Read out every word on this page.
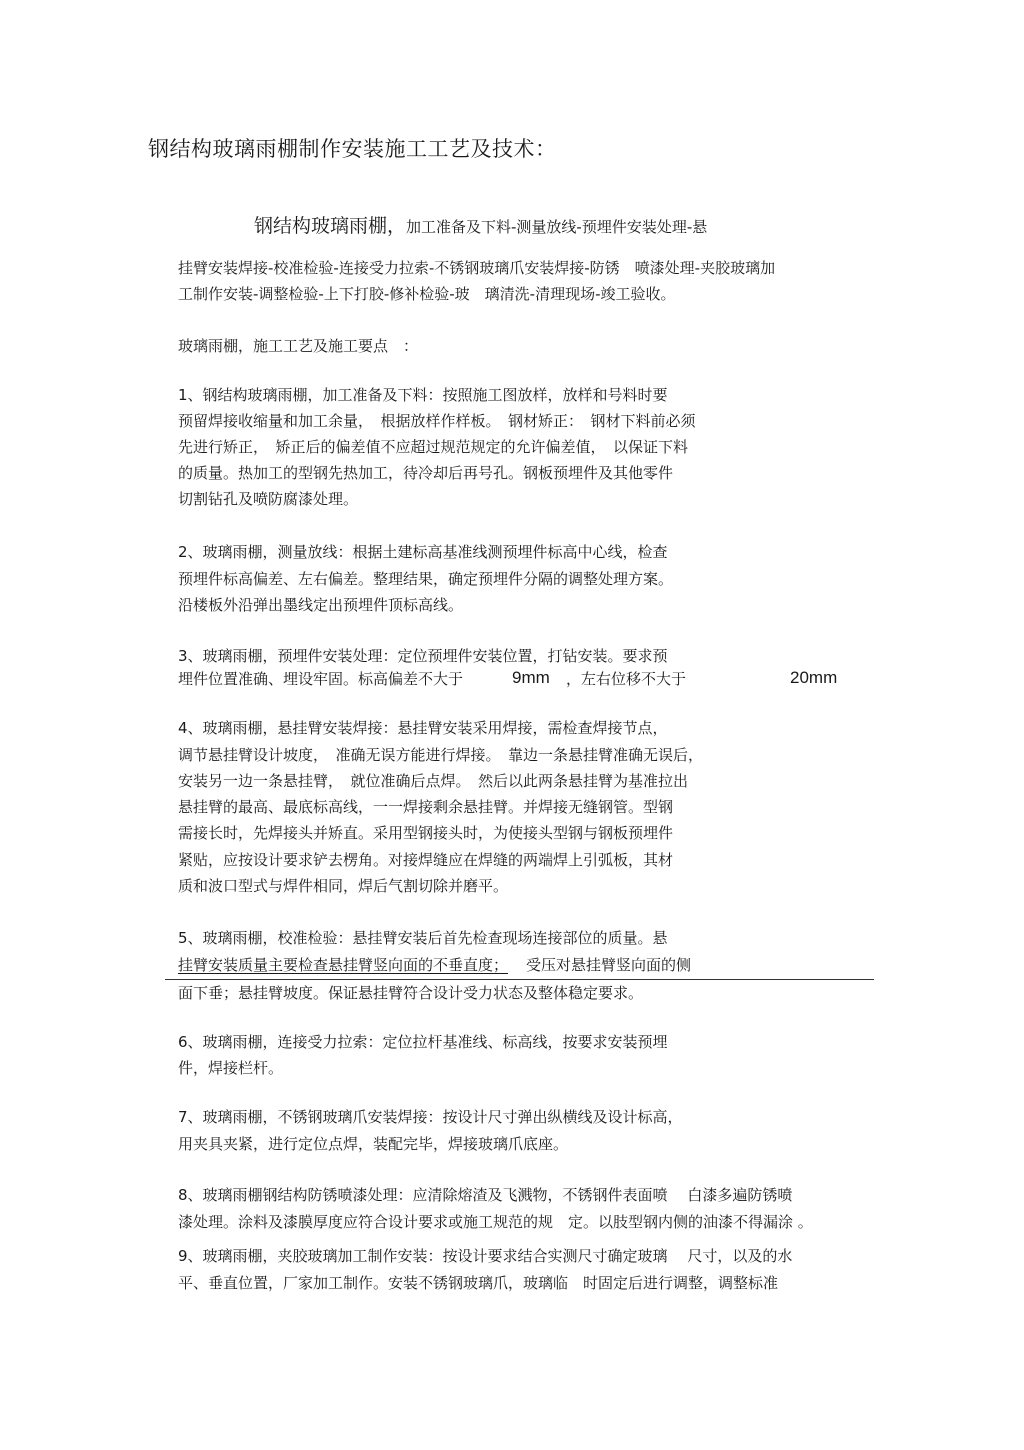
钢结构玻璃雨棚制作安装施工工艺及技术：
钢结构玻璃雨棚，加工准备及下料-测量放线-预埋件安装处理-悬
挂臂安装焊接-校准检验-连接受力拉索-不锈钢玻璃爪安装焊接-防锈　喷漆处理-夹胶玻璃加
工制作安装-调整检验-上下打胶-修补检验-玻　璃清洗-清理现场-竣工验收。
玻璃雨棚，施工工艺及施工要点　：
1、钢结构玻璃雨棚，加工准备及下料：按照施工图放样，放样和号料时要
预留焊接收缩量和加工余量，　根据放样作样板。　钢材矫正：　钢材下料前必须
先进行矫正，　矫正后的偏差值不应超过规范规定的允许偏差值，　以保证下料
的质量。热加工的型钢先热加工，待冷却后再号孔。钢板预埋件及其他零件
切割钻孔及喷防腐漆处理。
2、玻璃雨棚，测量放线：根据土建标高基准线测预埋件标高中心线，检查
预埋件标高偏差、左右偏差。整理结果，确定预埋件分隔的调整处理方案。
沿楼板外沿弹出墨线定出预埋件顶标高线。
3、玻璃雨棚，预埋件安装处理：定位预埋件安装位置，打钻安装。要求预
埋件位置准确、埋设牢固。标高偏差不大于	9mm ，左右位移不大于	20mm
4、玻璃雨棚，悬挂臂安装焊接：悬挂臂安装采用焊接，需检查焊接节点，
调节悬挂臂设计坡度，　准确无误方能进行焊接。　靠边一条悬挂臂准确无误后，
安装另一边一条悬挂臂，　就位准确后点焊。　然后以此两条悬挂臂为基准拉出
悬挂臂的最高、最底标高线，一一焊接剩余悬挂臂。并焊接无缝钢管。型钢
需接长时，先焊接头并矫直。采用型钢接头时，为使接头型钢与钢板预埋件
紧贴，应按设计要求铲去楞角。对接焊缝应在焊缝的两端焊上引弧板，其材
质和波口型式与焊件相同，焊后气割切除并磨平。
5、玻璃雨棚，校准检验：悬挂臂安装后首先检查现场连接部位的质量。悬
挂臂安装质量主要检查悬挂臂竖向面的不垂直度； 受压对悬挂臂竖向面的侧
面下垂；悬挂臂坡度。保证悬挂臂符合设计受力状态及整体稳定要求。
6、玻璃雨棚，连接受力拉索：定位拉杆基准线、标高线，按要求安装预埋
件，焊接栏杆。
7、玻璃雨棚，不锈钢玻璃爪安装焊接：按设计尺寸弹出纵横线及设计标高，
用夹具夹紧，进行定位点焊，装配完毕，焊接玻璃爪底座。
8、玻璃雨棚钢结构防锈喷漆处理：应清除熔渣及飞溅物，不锈钢件表面喷　 白漆多遍防锈喷
漆处理。涂料及漆膜厚度应符合设计要求或施工规范的规　定。以肢型钢内侧的油漆不得漏涂 。
9、玻璃雨棚，夹胶玻璃加工制作安装：按设计要求结合实测尺寸确定玻璃　 尺寸，以及的水
平、垂直位置，厂家加工制作。安装不锈钢玻璃爪，玻璃临　时固定后进行调整，调整标准
